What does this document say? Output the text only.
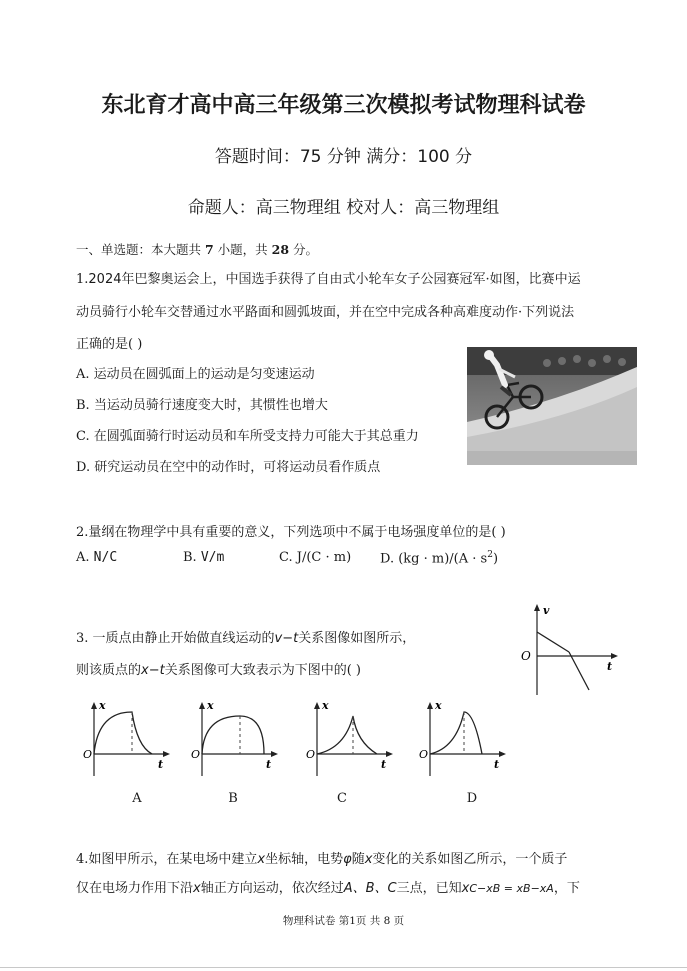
东北育才高中高三年级第三次模拟考试物理科试卷
答题时间：75 分钟 满分：100 分
命题人：高三物理组 校对人：高三物理组
一、单选题：本大题共 7 小题，共 28 分。
1.2024年巴黎奥运会上，中国选手获得了自由式小轮车女子公园赛冠军·如图，比赛中运
动员骑行小轮车交替通过水平路面和圆弧坡面，并在空中完成各种高难度动作·下列说法
正确的是( )
A. 运动员在圆弧面上的运动是匀变速运动
B. 当运动员骑行速度变大时，其惯性也增大
C. 在圆弧面骑行时运动员和车所受支持力可能大于其总重力
D. 研究运动员在空中的动作时，可将运动员看作质点
2.量纲在物理学中具有重要的意义，下列选项中不属于电场强度单位的是( )
A. N/C	B. V/m	C. J/(C · m) D. $(kg \cdot m)/(A \cdot s^2)$
3. 一质点由静止开始做直线运动的v−t关系图像如图所示，
则该质点的x−t关系图像可大致表示为下图中的( )
v
O
t
x
O
t
A
x
O
t
B
x
O
t
C
x
O
t
D
4.如图甲所示，在某电场中建立x坐标轴，电势φ随x变化的关系如图乙所示，一个质子
仅在电场力作用下沿x轴正方向运动，依次经过A、B、C三点，已知xC−xB = xB−xA，下
物理科试卷 第1页 共 8 页
